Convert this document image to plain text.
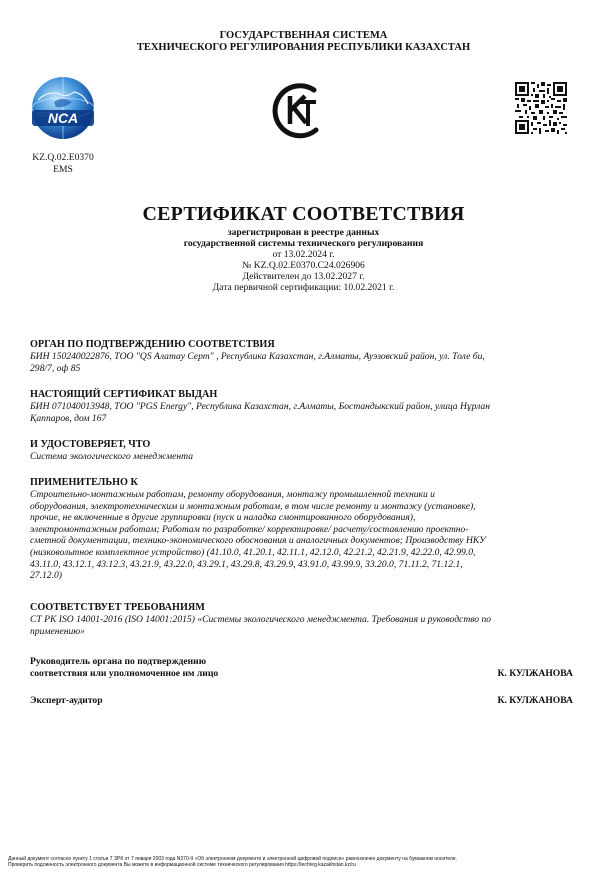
ГОСУДАРСТВЕННАЯ СИСТЕМА
ТЕХНИЧЕСКОГО РЕГУЛИРОВАНИЯ РЕСПУБЛИКИ КАЗАХСТАН
NCA
KZ.Q.02.E0370
EMS
СЕРТИФИКАТ СООТВЕТСТВИЯ
зарегистрирован в реестре данных
государственной системы технического регулирования
от 13.02.2024 г.
№ KZ.Q.02.E0370.C24.026906
Действителен до 13.02.2027 г.
Дата первичной сертификации: 10.02.2021 г.
ОРГАН ПО ПОДТВЕРЖДЕНИЮ СООТВЕТСТВИЯ
БИН 150240022876, ТОО "QS Алатау Серт" , Республика Казахстан, г.Алматы, Ауэзовский район, ул. Толе би,
298/7, оф 85
НАСТОЯЩИЙ СЕРТИФИКАТ ВЫДАН
БИН 071040013948, ТОО "PGS Energy", Республика Казахстан, г.Алматы, Бостандыкский район, улица Нұрлан
Қаппаров, дом 167
И УДОСТОВЕРЯЕТ, ЧТО
Система экологического менеджмента
ПРИМЕНИТЕЛЬНО К
Строительно-монтажным работам, ремонту оборудования, монтажу промышленной техники и
оборудования, электротехническим и монтажным работам, в том числе ремонту и монтажу (установке),
прочие, не включенные в другие группировки (пуск и наладка смонтированного оборудования),
электромонтажным работам; Работам по разработке/ корректировке/ расчету/составлению проектно-
сметной документации, технико-экономического обоснования и аналогичных документов; Производству НКУ
(низковольтное комплектное устройство) (41.10.0, 41.20.1, 42.11.1, 42.12.0, 42.21.2, 42.21.9, 42.22.0, 42.99.0,
43.11.0, 43.12.1, 43.12.3, 43.21.9, 43.22.0, 43.29.1, 43.29.8, 43.29.9, 43.91.0, 43.99.9, 33.20.0, 71.11.2, 71.12.1,
27.12.0)
СООТВЕТСТВУЕТ ТРЕБОВАНИЯМ
СТ РК ISO 14001-2016 (ISO 14001:2015) «Системы экологического менеджмента. Требования и руководство по
применению»
Руководитель органа по подтверждению
соответствия или уполномоченное им лицо	К. КУЛЖАНОВА
Эксперт-аудитор	К. КУЛЖАНОВА
Данный документ согласно пункту 1 статьи 7 ЗРК от 7 января 2003 года N370-II «Об электронном документе и электронной цифровой подписи» равнозначен документу на бумажном носителе.
Проверить подлинность электронного документа Вы можете в информационной системе технического регулирования https://techreg.kazakhstan.kz/ru
